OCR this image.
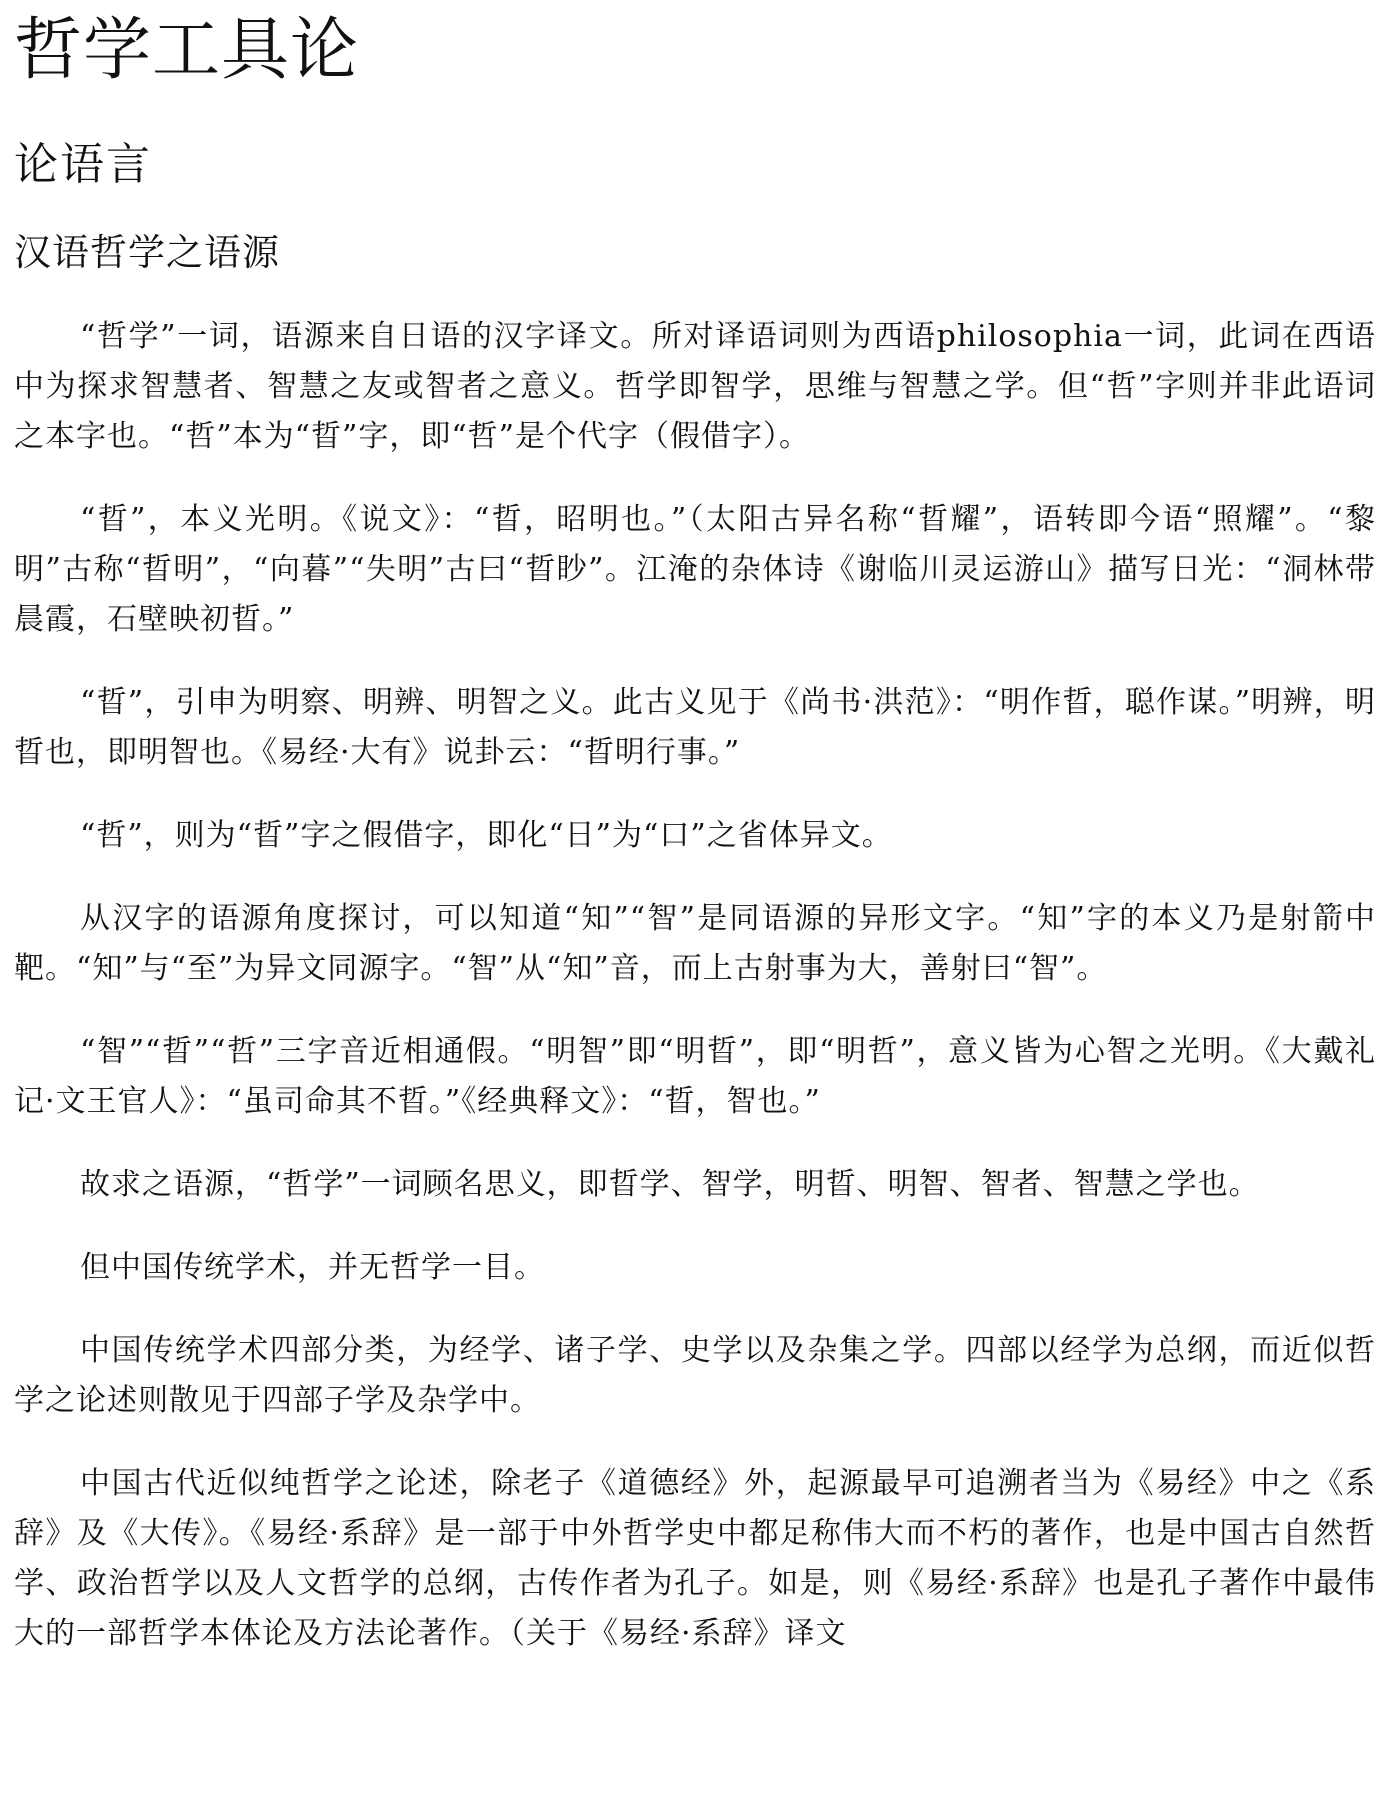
哲学工具论
论语言
汉语哲学之语源

“哲学”一词，语源来自日语的汉字译文。所对译语词则为西语philosophia一词，此词在西语中为探求智慧者、智慧之友或智者之意义。哲学即智学，思维与智慧之学。但“哲”字则并非此语词之本字也。“哲”本为“晢”字，即“哲”是个代字（假借字）。

“晢”，本义光明。《说文》：“晢，昭明也。”（太阳古异名称“晢耀”，语转即今语“照耀”。“黎明”古称“晢明”，“向暮”“失明”古曰“晢眇”。江淹的杂体诗《谢临川灵运游山》描写日光：“洞林带晨霞，石壁映初晢。”

“晢”，引申为明察、明辨、明智之义。此古义见于《尚书·洪范》：“明作晢，聪作谋。”明辨，明晢也，即明智也。《易经·大有》说卦云：“晢明行事。”

“哲”，则为“晢”字之假借字，即化“日”为“口”之省体异文。

从汉字的语源角度探讨，可以知道“知”“智”是同语源的异形文字。“知”字的本义乃是射箭中靶。“知”与“至”为异文同源字。“智”从“知”音，而上古射事为大，善射曰“智”。

“智”“晢”“哲”三字音近相通假。“明智”即“明晢”，即“明哲”，意义皆为心智之光明。《大戴礼记·文王官人》：“虽司命其不晢。”《经典释文》：“晢，智也。”

故求之语源，“哲学”一词顾名思义，即晢学、智学，明晢、明智、智者、智慧之学也。

但中国传统学术，并无哲学一目。

中国传统学术四部分类，为经学、诸子学、史学以及杂集之学。四部以经学为总纲，而近似哲学之论述则散见于四部子学及杂学中。

中国古代近似纯哲学之论述，除老子《道德经》外，起源最早可追溯者当为《易经》中之《系辞》及《大传》。《易经·系辞》是一部于中外哲学史中都足称伟大而不朽的著作，也是中国古自然哲学、政治哲学以及人文哲学的总纲，古传作者为孔子。如是，则《易经·系辞》也是孔子著作中最伟大的一部哲学本体论及方法论著作。（关于《易经·系辞》译文
